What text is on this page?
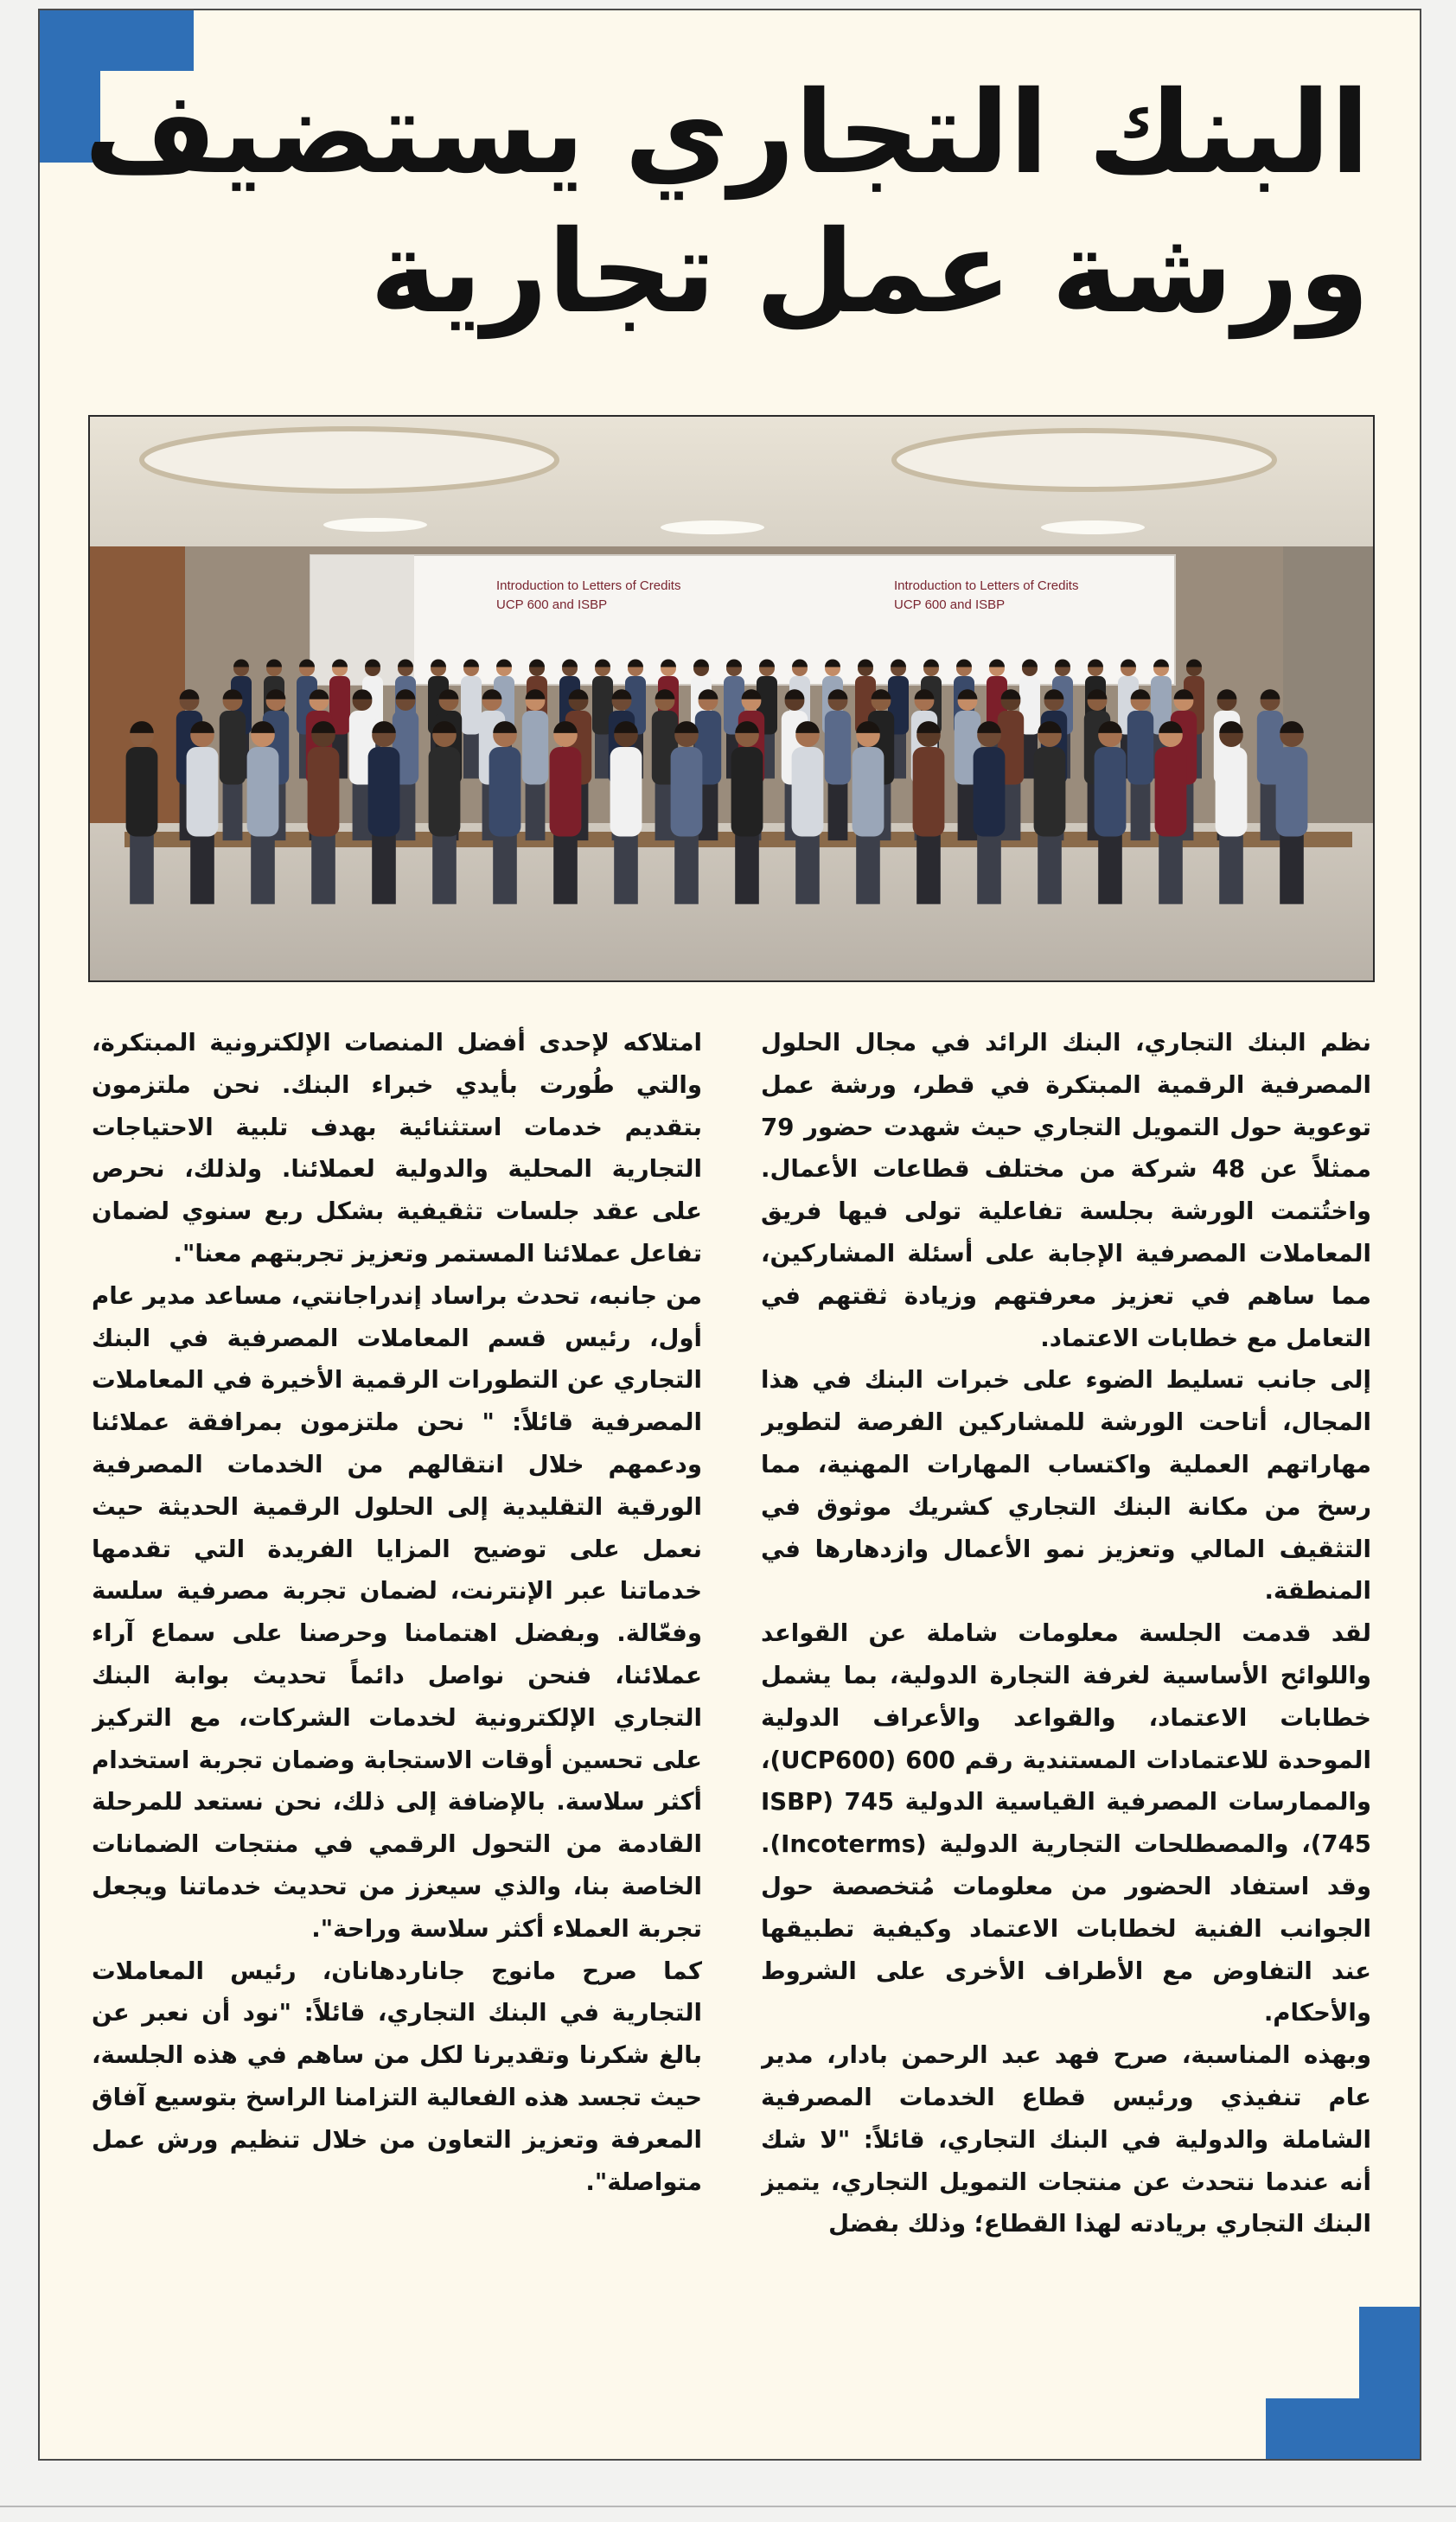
البنك التجاري يستضيف
ورشة عمل تجارية
Introduction to Letters of Credits
UCP 600 and ISBP
Introduction to Letters of Credits
UCP 600 and ISBP

نظم البنك التجاري، البنك الرائد في مجال الحلول المصرفية الرقمية المبتكرة في قطر، ورشة عمل توعوية حول التمويل التجاري حيث شهدت حضور 79 ممثلاً عن 48 شركة من مختلف قطاعات الأعمال. واختُتمت الورشة بجلسة تفاعلية تولى فيها فريق المعاملات المصرفية الإجابة على أسئلة المشاركين، مما ساهم في تعزيز معرفتهم وزيادة ثقتهم في التعامل مع خطابات الاعتماد.

إلى جانب تسليط الضوء على خبرات البنك في هذا المجال، أتاحت الورشة للمشاركين الفرصة لتطوير مهاراتهم العملية واكتساب المهارات المهنية، مما رسخ من مكانة البنك التجاري كشريك موثوق في التثقيف المالي وتعزيز نمو الأعمال وازدهارها في المنطقة.

لقد قدمت الجلسة معلومات شاملة عن القواعد واللوائح الأساسية لغرفة التجارة الدولية، بما يشمل خطابات الاعتماد، والقواعد والأعراف الدولية الموحدة للاعتمادات المستندية رقم 600 (UCP600)، والممارسات المصرفية القياسية الدولية 745 (ISBP 745)، والمصطلحات التجارية الدولية (Incoterms). وقد استفاد الحضور من معلومات مُتخصصة حول الجوانب الفنية لخطابات الاعتماد وكيفية تطبيقها عند التفاوض مع الأطراف الأخرى على الشروط والأحكام.

وبهذه المناسبة، صرح فهد عبد الرحمن بادار، مدير عام تنفيذي ورئيس قطاع الخدمات المصرفية الشاملة والدولية في البنك التجاري، قائلاً: "لا شك أنه عندما نتحدث عن منتجات التمويل التجاري، يتميز البنك التجاري بريادته لهذا القطاع؛ وذلك بفضل

امتلاكه لإحدى أفضل المنصات الإلكترونية المبتكرة، والتي طُورت بأيدي خبراء البنك. نحن ملتزمون بتقديم خدمات استثنائية بهدف تلبية الاحتياجات التجارية المحلية والدولية لعملائنا. ولذلك، نحرص على عقد جلسات تثقيفية بشكل ربع سنوي لضمان تفاعل عملائنا المستمر وتعزيز تجربتهم معنا".

من جانبه، تحدث براساد إندراجانتي، مساعد مدير عام أول، رئيس قسم المعاملات المصرفية في البنك التجاري عن التطورات الرقمية الأخيرة في المعاملات المصرفية قائلاً: " نحن ملتزمون بمرافقة عملائنا ودعمهم خلال انتقالهم من الخدمات المصرفية الورقية التقليدية إلى الحلول الرقمية الحديثة حيث نعمل على توضيح المزايا الفريدة التي تقدمها خدماتنا عبر الإنترنت، لضمان تجربة مصرفية سلسة وفعّالة. وبفضل اهتمامنا وحرصنا على سماع آراء عملائنا، فنحن نواصل دائماً تحديث بوابة البنك التجاري الإلكترونية لخدمات الشركات، مع التركيز على تحسين أوقات الاستجابة وضمان تجربة استخدام أكثر سلاسة. بالإضافة إلى ذلك، نحن نستعد للمرحلة القادمة من التحول الرقمي في منتجات الضمانات الخاصة بنا، والذي سيعزز من تحديث خدماتنا ويجعل تجربة العملاء أكثر سلاسة وراحة".

كما صرح مانوج جاناردهانان، رئيس المعاملات التجارية في البنك التجاري، قائلاً: "نود أن نعبر عن بالغ شكرنا وتقديرنا لكل من ساهم في هذه الجلسة، حيث تجسد هذه الفعالية التزامنا الراسخ بتوسيع آفاق المعرفة وتعزيز التعاون من خلال تنظيم ورش عمل متواصلة".
